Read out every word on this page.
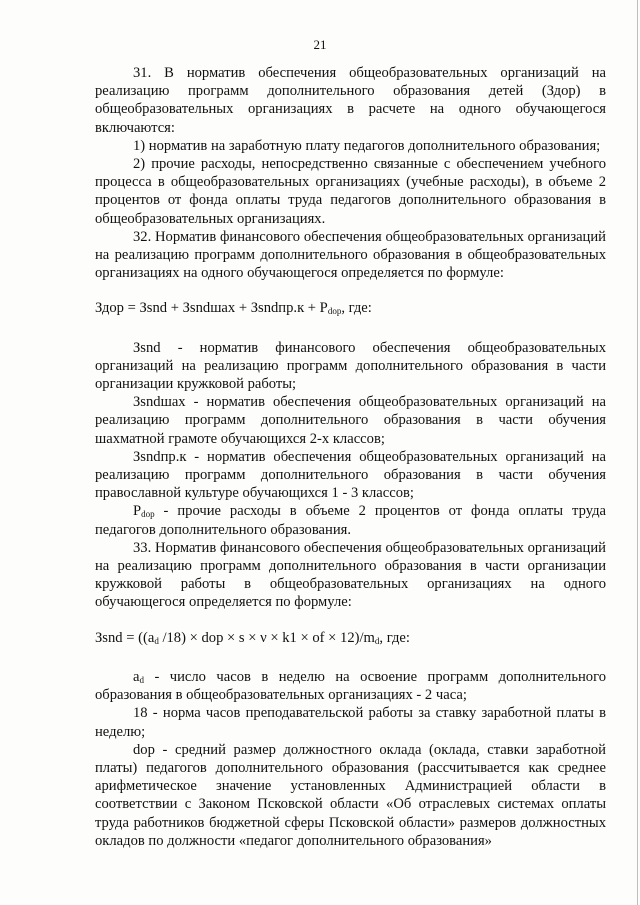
21

31. В норматив обеспечения общеобразовательных организаций на реализацию программ дополнительного образования детей (Здор) в общеобразовательных организациях в расчете на одного обучающегося включаются:

1) норматив на заработную плату педагогов дополнительного образования;

2) прочие расходы, непосредственно связанные с обеспечением учебного процесса в общеобразовательных организациях (учебные расходы), в объеме 2 процентов от фонда оплаты труда педагогов дополнительного образования в общеобразовательных организациях.

32. Норматив финансового обеспечения общеобразовательных организаций на реализацию программ дополнительного образования в общеобразовательных организациях на одного обучающегося определяется по формуле:

Здор = Зsnd + Зsndшах + Зsndпр.к + $Р_{dop}$, где:

Зsnd - норматив финансового обеспечения общеобразовательных организаций на реализацию программ дополнительного образования в части организации кружковой работы;

Зsndшах - норматив обеспечения общеобразовательных организаций на реализацию программ дополнительного образования в части обучения шахматной грамоте обучающихся 2-х классов;

Зsndпр.к - норматив обеспечения общеобразовательных организаций на реализацию программ дополнительного образования в части обучения православной культуре обучающихся 1 - 3 классов;

$Р_{dop}$ - прочие расходы в объеме 2 процентов от фонда оплаты труда педагогов дополнительного образования.

33. Норматив финансового обеспечения общеобразовательных организаций на реализацию программ дополнительного образования в части организации кружковой работы в общеобразовательных организациях на одного обучающегося определяется по формуле:

Зsnd = (($а_d$ /18) × dop × s × ν × k1 × of × $12)/m_d$, где:

$а_d$ - число часов в неделю на освоение программ дополнительного образования в общеобразовательных организациях - 2 часа;

18 - норма часов преподавательской работы за ставку заработной платы в неделю;

dop - средний размер должностного оклада (оклада, ставки заработной платы) педагогов дополнительного образования (рассчитывается как среднее арифметическое значение установленных Администрацией области в соответствии с Законом Псковской области «Об отраслевых системах оплаты труда работников бюджетной сферы Псковской области» размеров должностных окладов по должности «педагог дополнительного образования»
